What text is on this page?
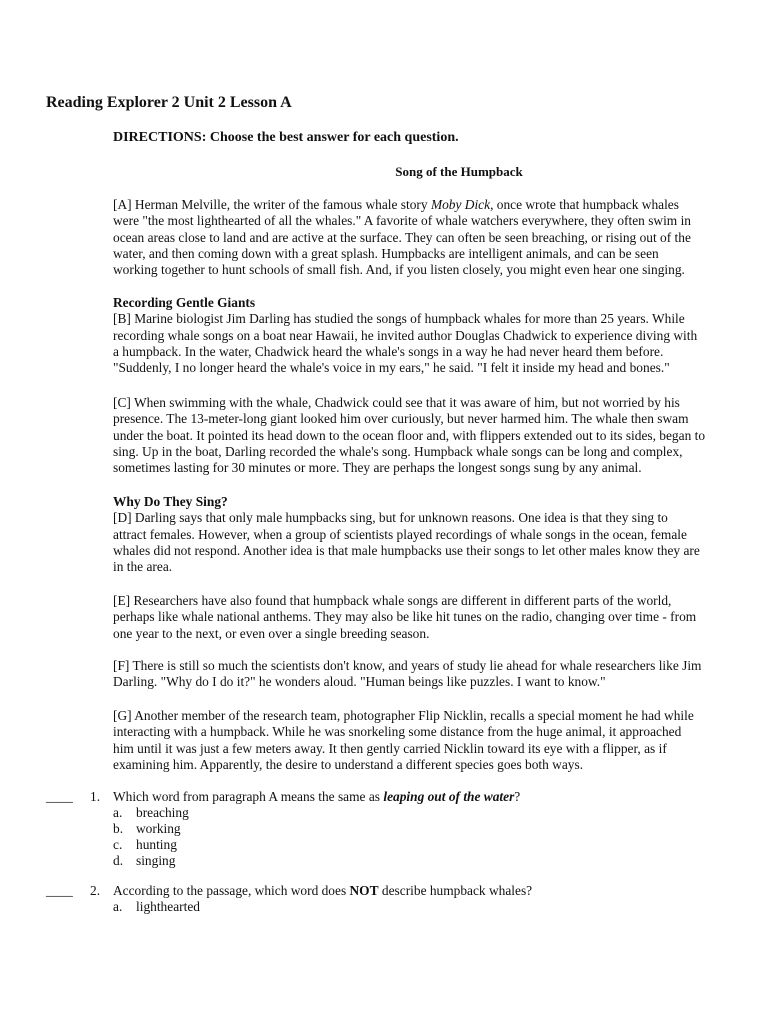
Reading Explorer 2 Unit 2 Lesson A
DIRECTIONS: Choose the best answer for each question.
Song of the Humpback

[A] Herman Melville, the writer of the famous whale story Moby Dick, once wrote that humpback whales
were "the most lighthearted of all the whales." A favorite of whale watchers everywhere, they often swim in
ocean areas close to land and are active at the surface. They can often be seen breaching, or rising out of the
water, and then coming down with a great splash. Humpbacks are intelligent animals, and can be seen
working together to hunt schools of small fish. And, if you listen closely, you might even hear one singing.

Recording Gentle Giants
[B] Marine biologist Jim Darling has studied the songs of humpback whales for more than 25 years. While
recording whale songs on a boat near Hawaii, he invited author Douglas Chadwick to experience diving with
a humpback. In the water, Chadwick heard the whale's songs in a way he had never heard them before.
"Suddenly, I no longer heard the whale's voice in my ears," he said. "I felt it inside my head and bones."

[C] When swimming with the whale, Chadwick could see that it was aware of him, but not worried by his
presence. The 13-meter-long giant looked him over curiously, but never harmed him. The whale then swam
under the boat. It pointed its head down to the ocean floor and, with flippers extended out to its sides, began to
sing. Up in the boat, Darling recorded the whale's song. Humpback whale songs can be long and complex,
sometimes lasting for 30 minutes or more. They are perhaps the longest songs sung by any animal.

Why Do They Sing?
[D] Darling says that only male humpbacks sing, but for unknown reasons. One idea is that they sing to
attract females. However, when a group of scientists played recordings of whale songs in the ocean, female
whales did not respond. Another idea is that male humpbacks use their songs to let other males know they are
in the area.

[E] Researchers have also found that humpback whale songs are different in different parts of the world,
perhaps like whale national anthems. They may also be like hit tunes on the radio, changing over time - from
one year to the next, or even over a single breeding season.

[F] There is still so much the scientists don't know, and years of study lie ahead for whale researchers like Jim
Darling. "Why do I do it?" he wonders aloud. "Human beings like puzzles. I want to know."

[G] Another member of the research team, photographer Flip Nicklin, recalls a special moment he had while
interacting with a humpback. While he was snorkeling some distance from the huge animal, it approached
him until it was just a few meters away. It then gently carried Nicklin toward its eye with a flipper, as if
examining him. Apparently, the desire to understand a different species goes both ways.

____ 1. Which word from paragraph A means the same as leaping out of the water?
a. breaching
b. working
c. hunting
d. singing
____ 2. According to the passage, which word does NOT describe humpback whales?
a. lighthearted
